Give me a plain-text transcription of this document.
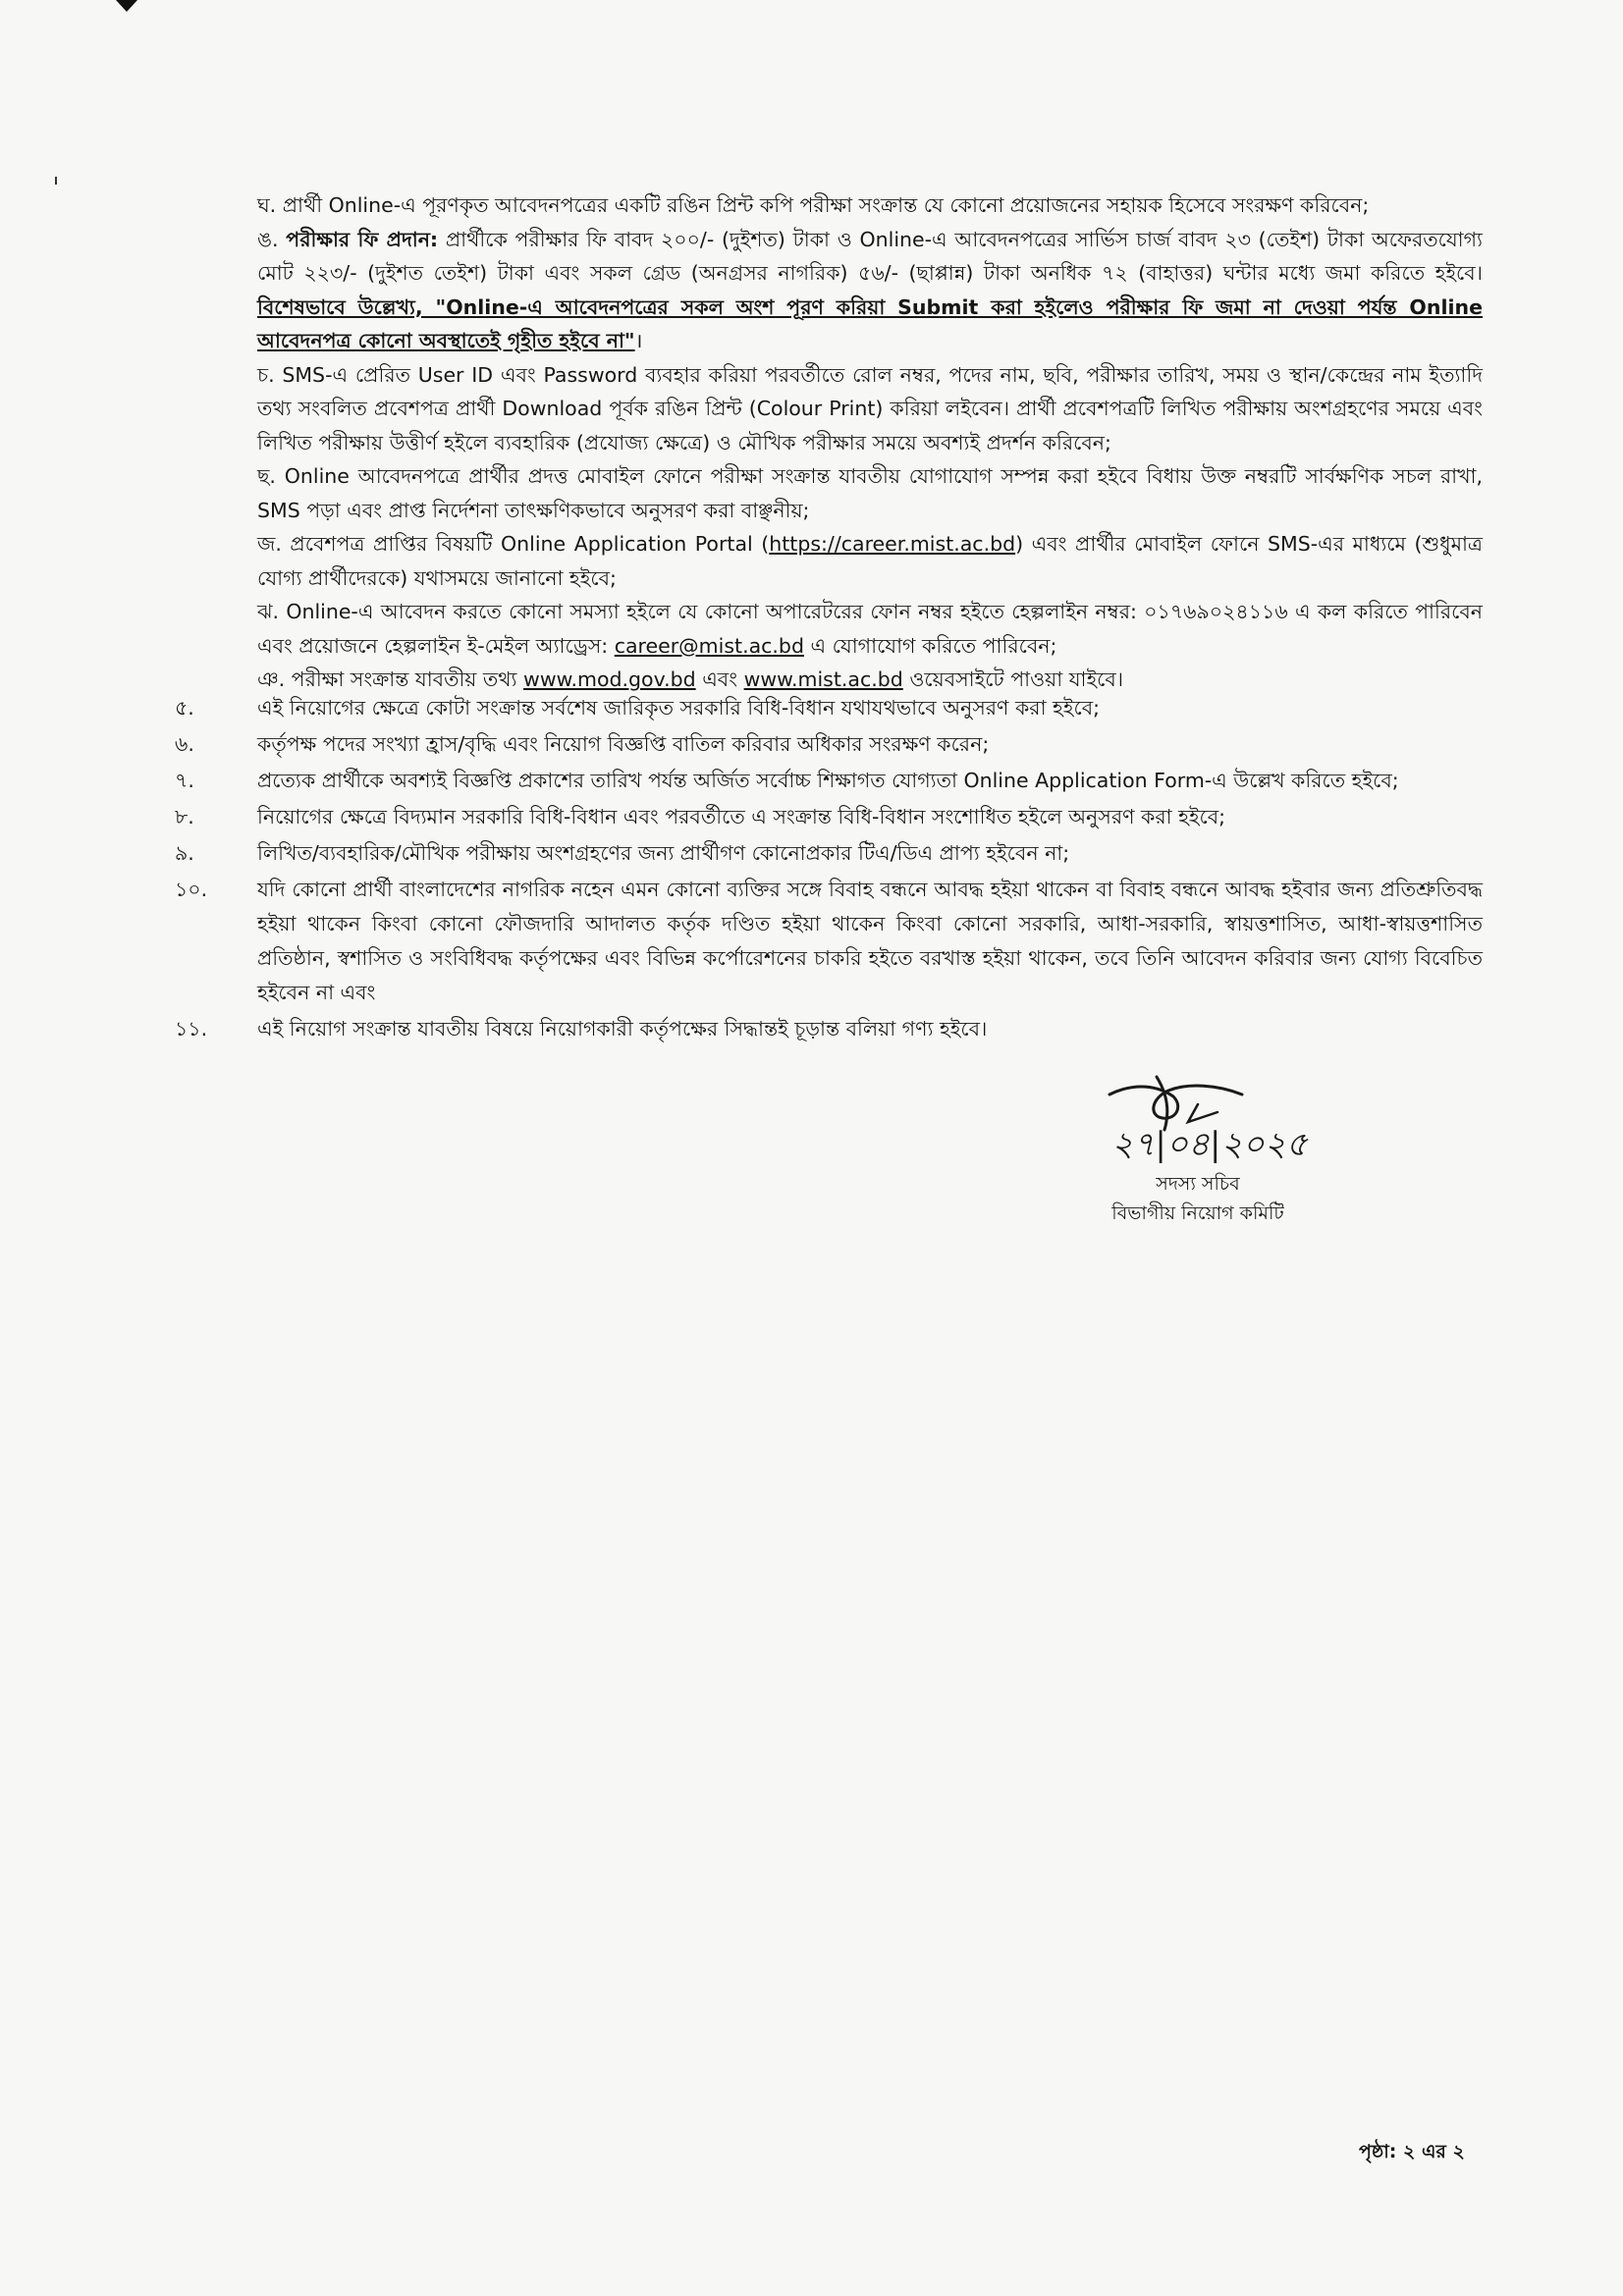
ঘ. প্রার্থী Online-এ পূরণকৃত আবেদনপত্রের একটি রঙিন প্রিন্ট কপি পরীক্ষা সংক্রান্ত যে কোনো প্রয়োজনের সহায়ক হিসেবে সংরক্ষণ করিবেন;

ঙ. পরীক্ষার ফি প্রদান: প্রার্থীকে পরীক্ষার ফি বাবদ ২০০/- (দুইশত) টাকা ও Online-এ আবেদনপত্রের সার্ভিস চার্জ বাবদ ২৩ (তেইশ) টাকা অফেরতযোগ্য মোট ২২৩/- (দুইশত তেইশ) টাকা এবং সকল গ্রেড (অনগ্রসর নাগরিক) ৫৬/- (ছাপ্পান্ন) টাকা অনধিক ৭২ (বাহাত্তর) ঘন্টার মধ্যে জমা করিতে হইবে। বিশেষভাবে উল্লেখ্য, "Online-এ আবেদনপত্রের সকল অংশ পূরণ করিয়া Submit করা হইলেও পরীক্ষার ফি জমা না দেওয়া পর্যন্ত Online আবেদনপত্র কোনো অবস্থাতেই গৃহীত হইবে না"।

চ. SMS-এ প্রেরিত User ID এবং Password ব্যবহার করিয়া পরবর্তীতে রোল নম্বর, পদের নাম, ছবি, পরীক্ষার তারিখ, সময় ও স্থান/কেন্দ্রের নাম ইত্যাদি তথ্য সংবলিত প্রবেশপত্র প্রার্থী Download পূর্বক রঙিন প্রিন্ট (Colour Print) করিয়া লইবেন। প্রার্থী প্রবেশপত্রটি লিখিত পরীক্ষায় অংশগ্রহণের সময়ে এবং লিখিত পরীক্ষায় উত্তীর্ণ হইলে ব্যবহারিক (প্রযোজ্য ক্ষেত্রে) ও মৌখিক পরীক্ষার সময়ে অবশ্যই প্রদর্শন করিবেন;

ছ. Online আবেদনপত্রে প্রার্থীর প্রদত্ত মোবাইল ফোনে পরীক্ষা সংক্রান্ত যাবতীয় যোগাযোগ সম্পন্ন করা হইবে বিধায় উক্ত নম্বরটি সার্বক্ষণিক সচল রাখা, SMS পড়া এবং প্রাপ্ত নির্দেশনা তাৎক্ষণিকভাবে অনুসরণ করা বাঞ্ছনীয়;

জ. প্রবেশপত্র প্রাপ্তির বিষয়টি Online Application Portal (https://career.mist.ac.bd) এবং প্রার্থীর মোবাইল ফোনে SMS-এর মাধ্যমে (শুধুমাত্র যোগ্য প্রার্থীদেরকে) যথাসময়ে জানানো হইবে;

ঝ. Online-এ আবেদন করতে কোনো সমস্যা হইলে যে কোনো অপারেটরের ফোন নম্বর হইতে হেল্পলাইন নম্বর: ০১৭৬৯০২৪১১৬ এ কল করিতে পারিবেন এবং প্রয়োজনে হেল্পলাইন ই-মেইল অ্যাড্রেস: career@mist.ac.bd এ যোগাযোগ করিতে পারিবেন;

ঞ. পরীক্ষা সংক্রান্ত যাবতীয় তথ্য www.mod.gov.bd এবং www.mist.ac.bd ওয়েবসাইটে পাওয়া যাইবে।

৫.	এই নিয়োগের ক্ষেত্রে কোটা সংক্রান্ত সর্বশেষ জারিকৃত সরকারি বিধি-বিধান যথাযথভাবে অনুসরণ করা হইবে;
৬.	কর্তৃপক্ষ পদের সংখ্যা হ্রাস/বৃদ্ধি এবং নিয়োগ বিজ্ঞপ্তি বাতিল করিবার অধিকার সংরক্ষণ করেন;
৭.	প্রত্যেক প্রার্থীকে অবশ্যই বিজ্ঞপ্তি প্রকাশের তারিখ পর্যন্ত অর্জিত সর্বোচ্চ শিক্ষাগত যোগ্যতা Online Application Form-এ উল্লেখ করিতে হইবে;
৮.	নিয়োগের ক্ষেত্রে বিদ্যমান সরকারি বিধি-বিধান এবং পরবর্তীতে এ সংক্রান্ত বিধি-বিধান সংশোধিত হইলে অনুসরণ করা হইবে;
৯.	লিখিত/ব্যবহারিক/মৌখিক পরীক্ষায় অংশগ্রহণের জন্য প্রার্থীগণ কোনোপ্রকার টিএ/ডিএ প্রাপ্য হইবেন না;
১০.	যদি কোনো প্রার্থী বাংলাদেশের নাগরিক নহেন এমন কোনো ব্যক্তির সঙ্গে বিবাহ বন্ধনে আবদ্ধ হইয়া থাকেন বা বিবাহ বন্ধনে আবদ্ধ হইবার জন্য প্রতিশ্রুতিবদ্ধ হইয়া থাকেন কিংবা কোনো ফৌজদারি আদালত কর্তৃক দণ্ডিত হইয়া থাকেন কিংবা কোনো সরকারি, আধা-সরকারি, স্বায়ত্তশাসিত, আধা-স্বায়ত্তশাসিত প্রতিষ্ঠান, স্বশাসিত ও সংবিধিবদ্ধ কর্তৃপক্ষের এবং বিভিন্ন কর্পোরেশনের চাকরি হইতে বরখাস্ত হইয়া থাকেন, তবে তিনি আবেদন করিবার জন্য যোগ্য বিবেচিত হইবেন না এবং
১১.	এই নিয়োগ সংক্রান্ত যাবতীয় বিষয়ে নিয়োগকারী কর্তৃপক্ষের সিদ্ধান্তই চূড়ান্ত বলিয়া গণ্য হইবে।
২৭|০৪|২০২৫
সদস্য সচিব
বিভাগীয় নিয়োগ কমিটি
পৃষ্ঠা: ২ এর ২
